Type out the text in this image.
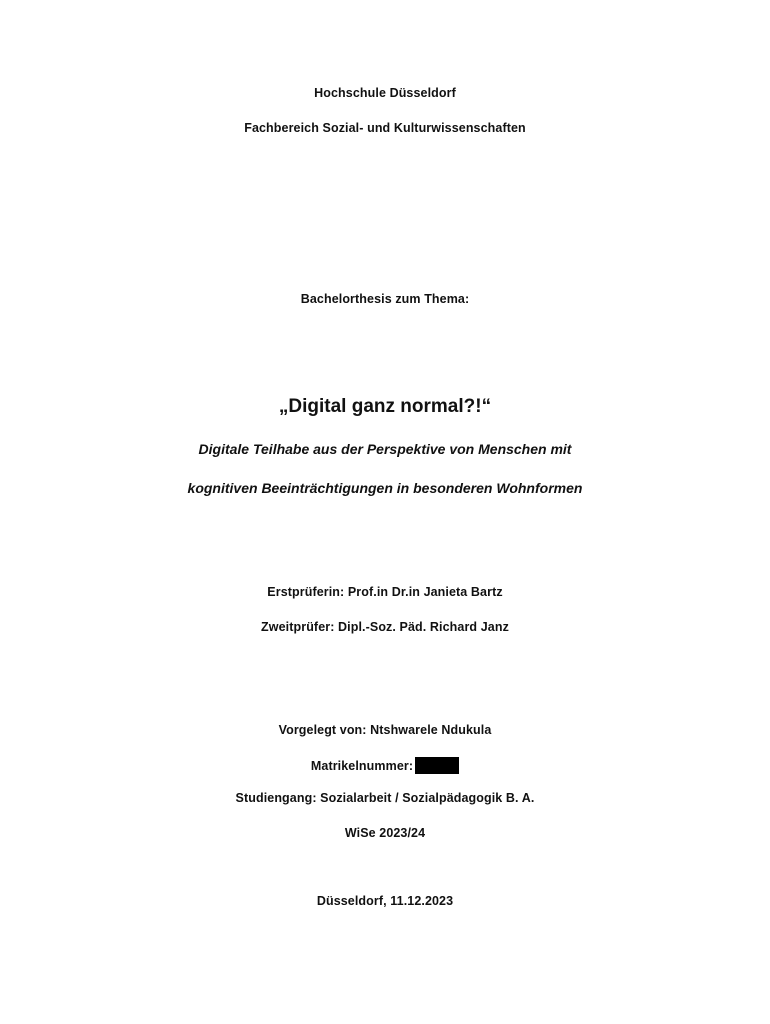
Hochschule Düsseldorf
Fachbereich Sozial- und Kulturwissenschaften
Bachelorthesis zum Thema:
„Digital ganz normal?!“
Digitale Teilhabe aus der Perspektive von Menschen mit
kognitiven Beeinträchtigungen in besonderen Wohnformen
Erstprüferin: Prof.in Dr.in Janieta Bartz
Zweitprüfer: Dipl.-Soz. Päd. Richard Janz
Vorgelegt von: Ntshwarele Ndukula
Matrikelnummer:
Studiengang: Sozialarbeit / Sozialpädagogik B. A.
WiSe 2023/24
Düsseldorf, 11.12.2023
